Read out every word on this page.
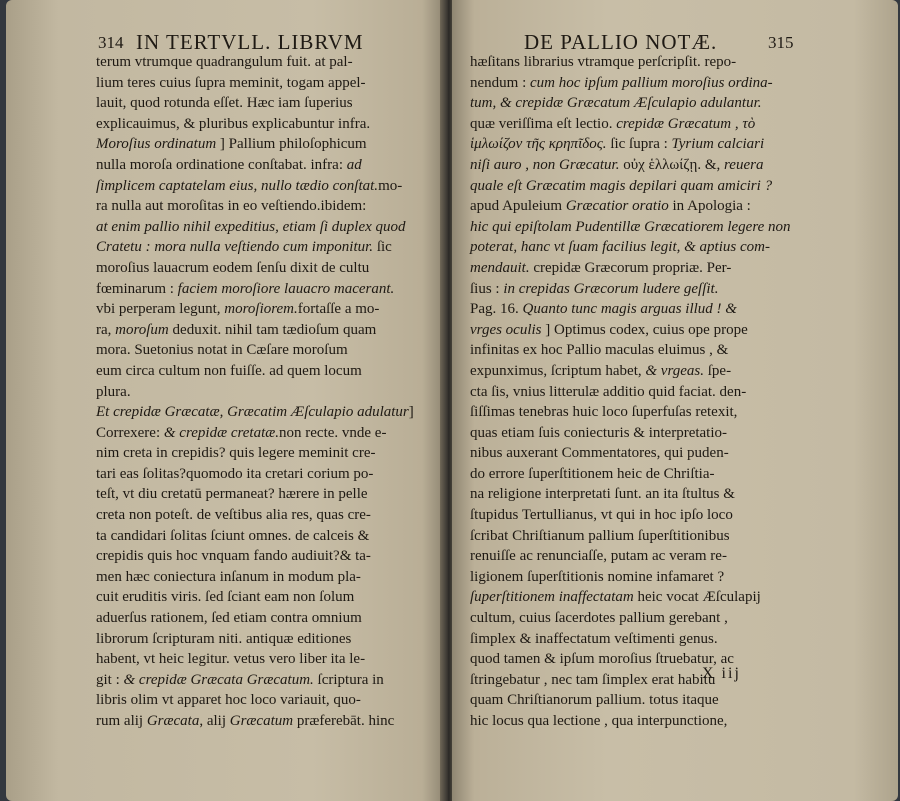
314 IN TERTVLL. LIBRVM
terum vtrumque quadrangulum fuit. at pal-
lium teres cuius ſupra meminit, togam appel-
lauit, quod rotunda eſſet. Hæc iam ſuperius
explicauimus, & pluribus explicabuntur infra.
Moroſius ordinatum ] Pallium philoſophicum
nulla moroſa ordinatione conſtabat. infra: ad
ſimplicem captatelam eius, nullo tædio conſtat.mo-
ra nulla aut moroſitas in eo veſtiendo.ibidem:
at enim pallio nihil expeditius, etiam ſi duplex quod
Cratetu : mora nulla veſtiendo cum imponitur. ſic
moroſius lauacrum eodem ſenſu dixit de cultu
fœminarum : faciem moroſiore lauacro macerant.
vbi perperam legunt, moroſiorem.fortaſſe a mo-
ra, moroſum deduxit. nihil tam tædioſum quam
mora. Suetonius notat in Cæſare moroſum
eum circa cultum non fuiſſe. ad quem locum
plura.
Et crepidæ Græcatæ, Græcatim Æſculapio adulatur]
Correxere: & crepidæ cretatæ.non recte. vnde e-
nim creta in crepidis? quis legere meminit cre-
tari eas ſolitas?quomodo ita cretari corium po-
teſt, vt diu cretatū permaneat? hærere in pelle
creta non poteſt. de veſtibus alia res, quas cre-
ta candidari ſolitas ſciunt omnes. de calceis &
crepidis quis hoc vnquam fando audiuit?& ta-
men hæc coniectura inſanum in modum pla-
cuit eruditis viris. ſed ſciant eam non ſolum
aduerſus rationem, ſed etiam contra omnium
librorum ſcripturam niti. antiquæ editiones
habent, vt heic legitur. vetus vero liber ita le-
git : & crepidæ Græcata Græcatum. ſcriptura in
libris olim vt apparet hoc loco variauit, quo-
rum alij Græcata, alij Græcatum præferebāt. hinc
DE PALLIO NOTÆ.	315
hæſitans librarius vtramque perſcripſit. repo-
nendum : cum hoc ipſum pallium moroſius ordina-
tum, & crepidæ Græcatum Æſculapio adulantur.
quæ veriſſima eſt lectio. crepidæ Græcatum , τὸ
ἱμλωίζον τῆς κρηπῖδος. ſic ſupra : Tyrium calciari
niſi auro , non Græcatur. οὐχ ἑλλωίζῃ. &, reuera
quale eſt Græcatim magis depilari quam amiciri ?
apud Apuleium Græcatior oratio in Apologia :
hic qui epiſtolam Pudentillæ Græcatiorem legere non
poterat, hanc vt ſuam facilius legit, & aptius com-
mendauit. crepidæ Græcorum propriæ. Per-
ſius : in crepidas Græcorum ludere geſſit.
Pag. 16. Quanto tunc magis arguas illud ! &
vrges oculis ] Optimus codex, cuius ope prope
infinitas ex hoc Pallio maculas eluimus , &
expunximus, ſcriptum habet, & vrgeas. ſpe-
cta ſis, vnius litterulæ additio quid faciat. den-
ſiſſimas tenebras huic loco ſuperfuſas retexit,
quas etiam ſuis coniecturis & interpretatio-
nibus auxerant Commentatores, qui puden-
do errore ſuperſtitionem heic de Chriſtia-
na religione interpretati ſunt. an ita ſtultus &
ſtupidus Tertullianus, vt qui in hoc ipſo loco
ſcribat Chriſtianum pallium ſuperſtitionibus
renuiſſe ac renunciaſſe, putam ac veram re-
ligionem ſuperſtitionis nomine infamaret ?
ſuperſtitionem inaffectatam heic vocat Æſculapij
cultum, cuius ſacerdotes pallium gerebant ,
ſimplex & inaffectatum veſtimenti genus.
quod tamen & ipſum moroſius ſtruebatur, ac
ſtringebatur , nec tam ſimplex erat habitu
quam Chriſtianorum pallium. totus itaque
hic locus qua lectione , qua interpunctione,
X iij
